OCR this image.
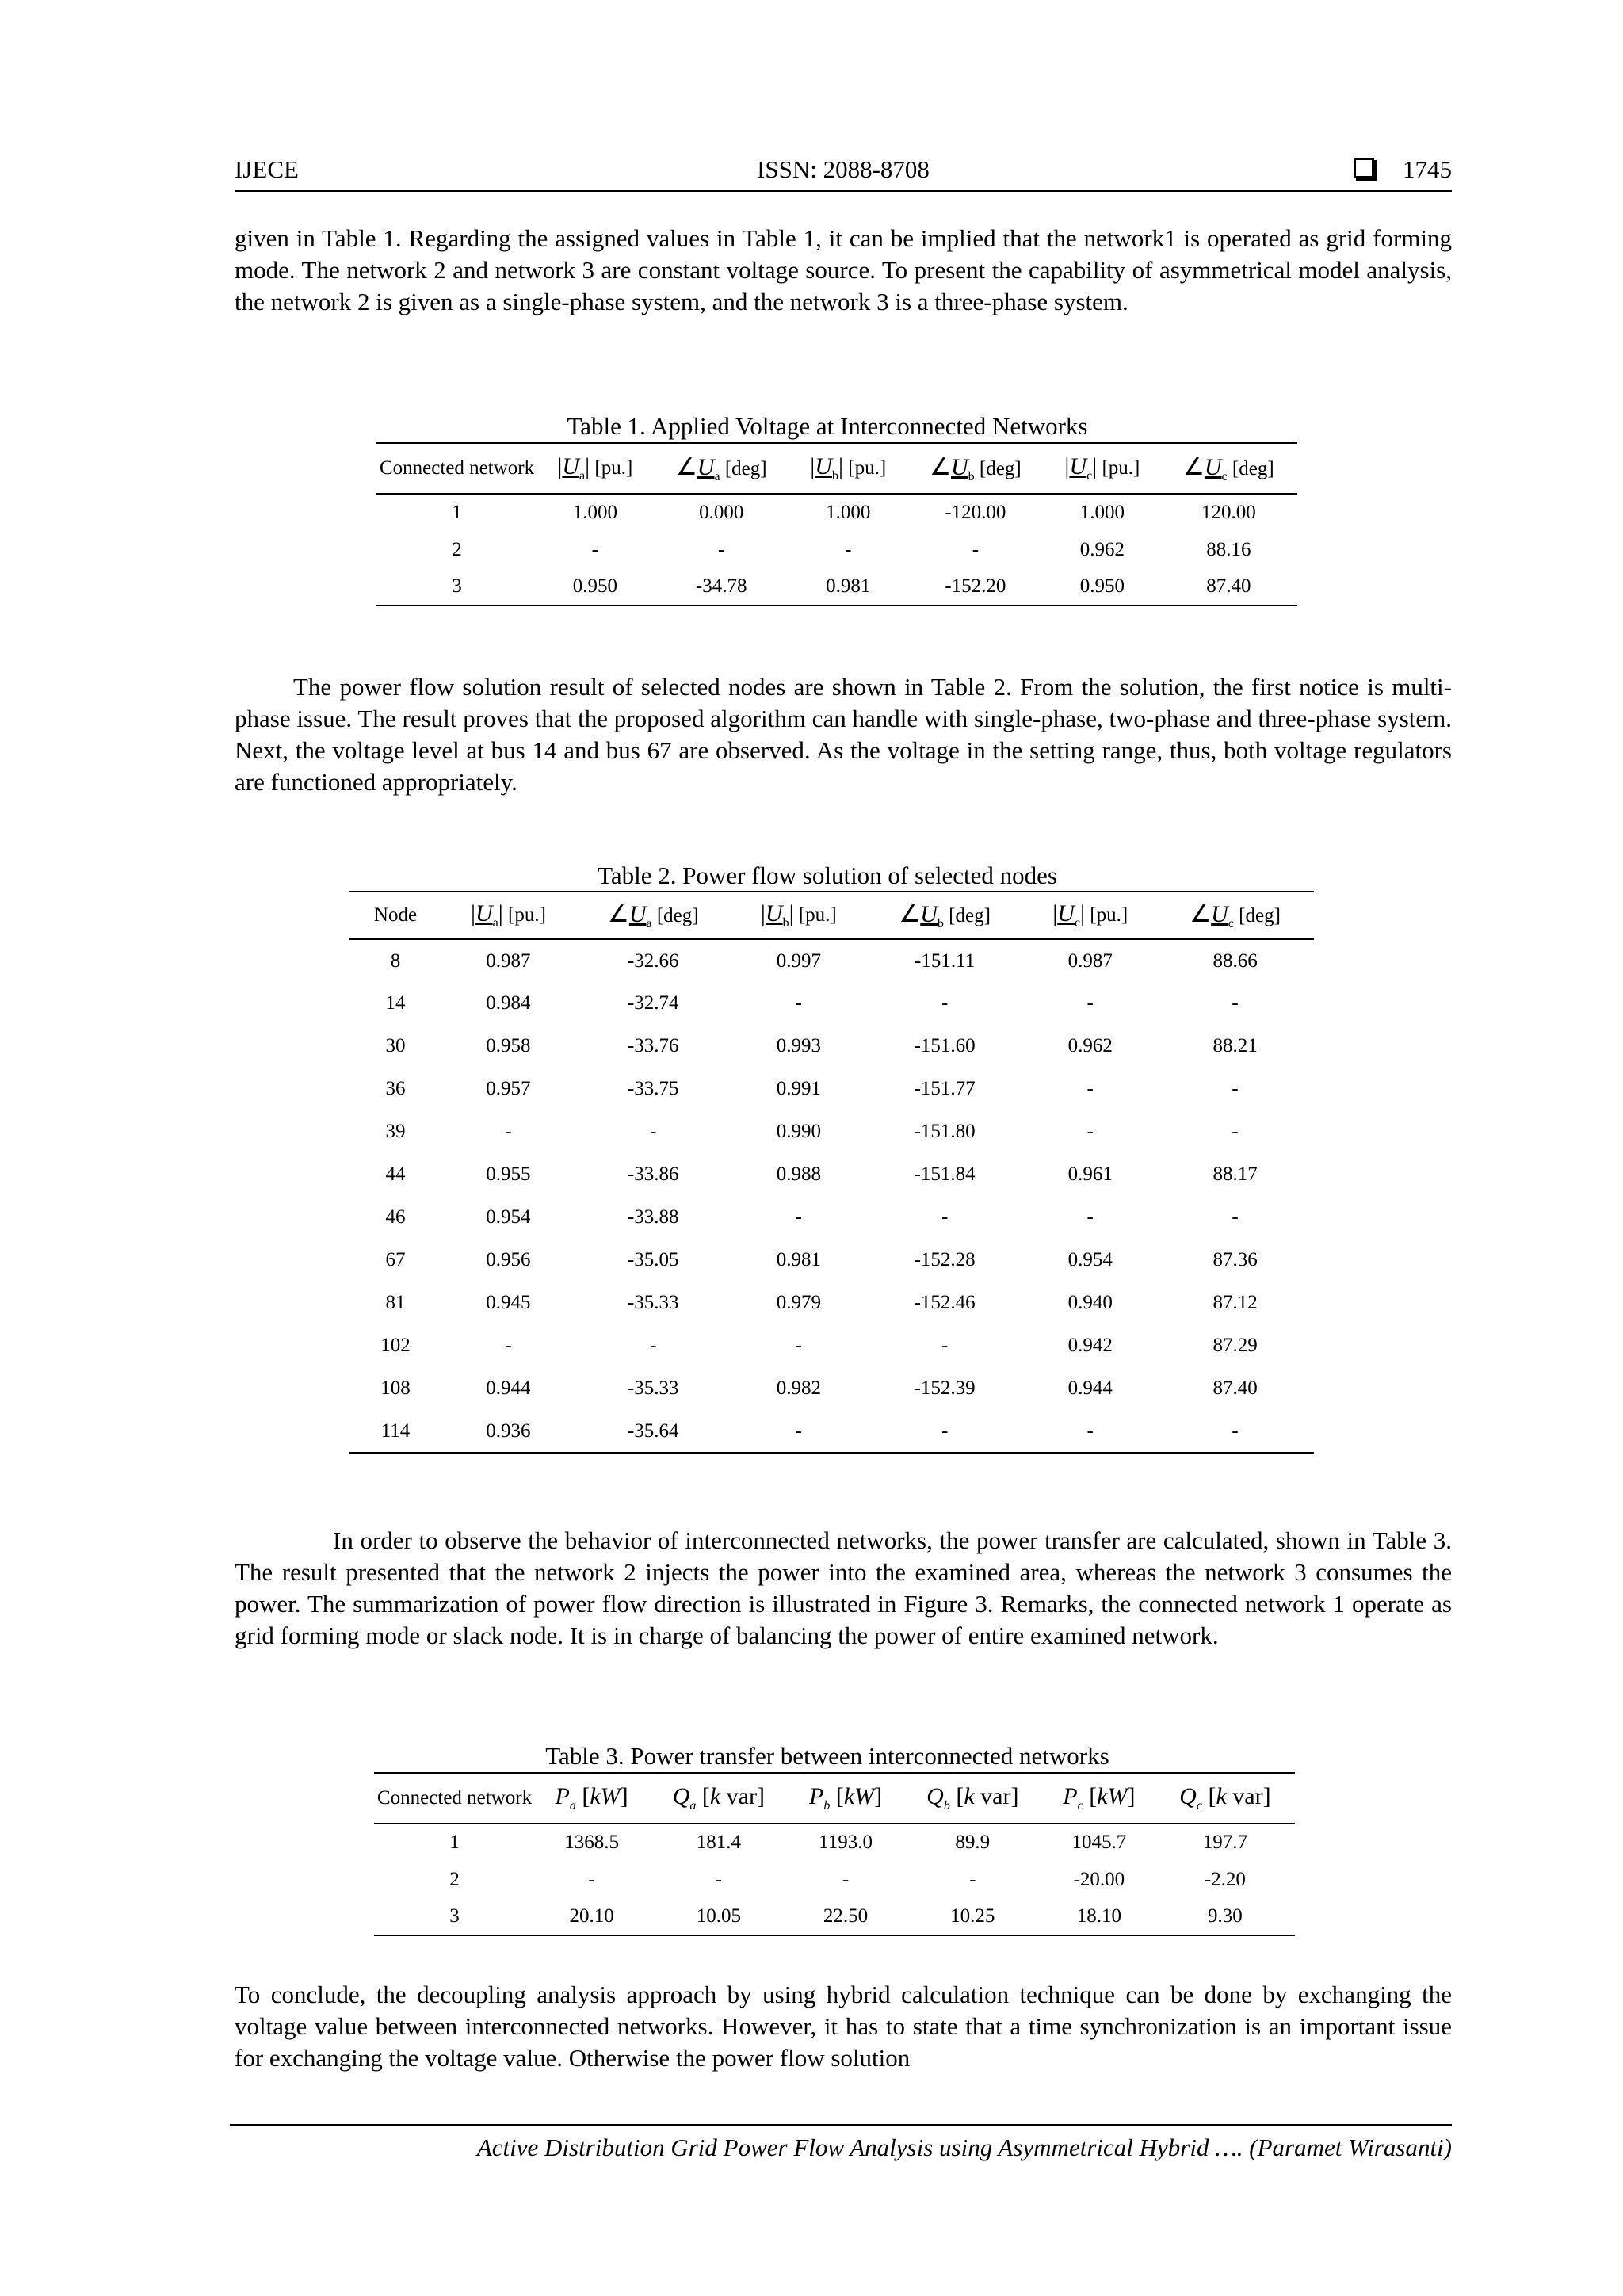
IJECE	ISSN: 2088-8708	1745

given in Table 1. Regarding the assigned values in Table 1, it can be implied that the network1 is operated as grid forming mode. The network 2 and network 3 are constant voltage source. To present the capability of asymmetrical model analysis, the network 2 is given as a single-phase system, and the network 3 is a three-phase system.

Table 1. Applied Voltage at Interconnected Networks
Connected network	$|U_a|$ [pu.]	$\angle U_a$ [deg]	$|U_b|$ [pu.]	$\angle U_b$ [deg]	$|U_c|$ [pu.]	$\angle U_c$ [deg]
1	1.000	0.000	1.000	-120.00	1.000	120.00
2	-	-	-	-	0.962	88.16
3	0.950	-34.78	0.981	-152.20	0.950	87.40

The power flow solution result of selected nodes are shown in Table 2. From the solution, the first notice is multi-phase issue. The result proves that the proposed algorithm can handle with single-phase, two-phase and three-phase system. Next, the voltage level at bus 14 and bus 67 are observed. As the voltage in the setting range, thus, both voltage regulators are functioned appropriately.

Table 2. Power flow solution of selected nodes
Node	$|U_a|$ [pu.]	$\angle U_a$ [deg]	$|U_b|$ [pu.]	$\angle U_b$ [deg]	$|U_c|$ [pu.]	$\angle U_c$ [deg]
8	0.987	-32.66	0.997	-151.11	0.987	88.66
14	0.984	-32.74	-	-	-	-
30	0.958	-33.76	0.993	-151.60	0.962	88.21
36	0.957	-33.75	0.991	-151.77	-	-
39	-	-	0.990	-151.80	-	-
44	0.955	-33.86	0.988	-151.84	0.961	88.17
46	0.954	-33.88	-	-	-	-
67	0.956	-35.05	0.981	-152.28	0.954	87.36
81	0.945	-35.33	0.979	-152.46	0.940	87.12
102	-	-	-	-	0.942	87.29
108	0.944	-35.33	0.982	-152.39	0.944	87.40
114	0.936	-35.64	-	-	-	-

In order to observe the behavior of interconnected networks, the power transfer are calculated, shown in Table 3. The result presented that the network 2 injects the power into the examined area, whereas the network 3 consumes the power. The summarization of power flow direction is illustrated in Figure 3. Remarks, the connected network 1 operate as grid forming mode or slack node. It is in charge of balancing the power of entire examined network.

Table 3. Power transfer between interconnected networks
Connected network	$P_a$ [kW]	$Q_a$ [k var]	$P_b$ [kW]	$Q_b$ [k var]	$P_c$ [kW]	$Q_c$ [k var]
1	1368.5	181.4	1193.0	89.9	1045.7	197.7
2	-	-	-	-	-20.00	-2.20
3	20.10	10.05	22.50	10.25	18.10	9.30

To conclude, the decoupling analysis approach by using hybrid calculation technique can be done by exchanging the voltage value between interconnected networks. However, it has to state that a time synchronization is an important issue for exchanging the voltage value. Otherwise the power flow solution

Active Distribution Grid Power Flow Analysis using Asymmetrical Hybrid …. (Paramet Wirasanti)
